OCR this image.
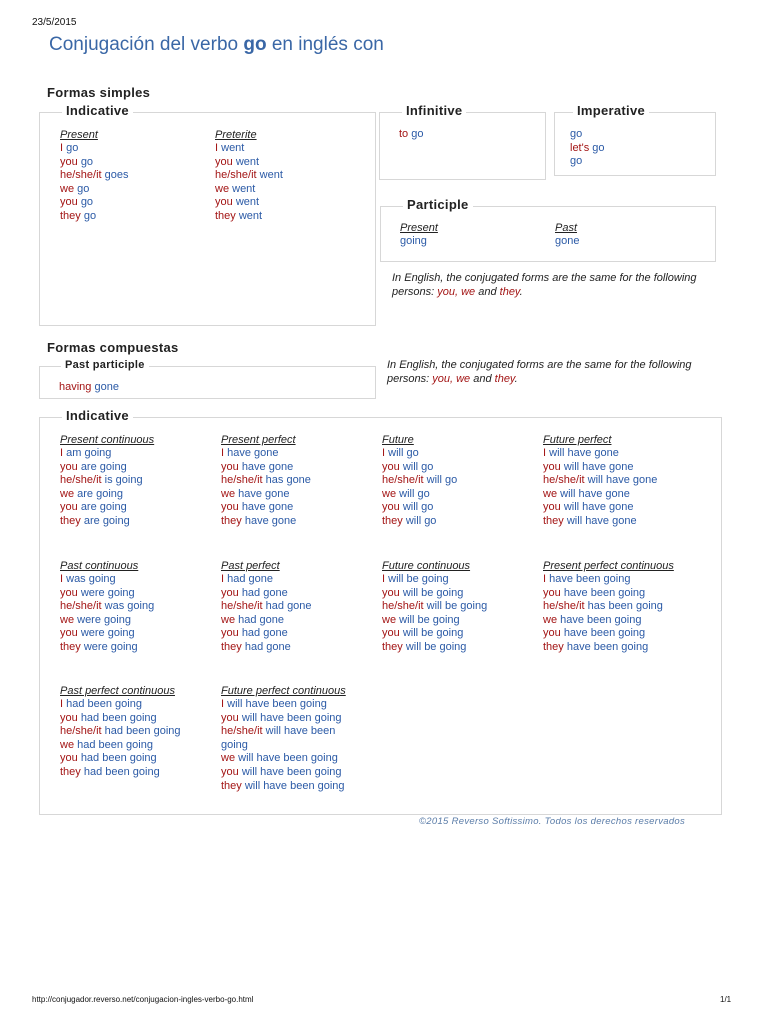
23/5/2015
Conjugación del verbo go en inglés con
Formas simples
Indicative
Present
I go
you go
he/she/it goes
we go
you go
they go
Preterite
I went
you went
he/she/it went
we went
you went
they went
Infinitive
to go
Imperative
go
let's go
go
Participle
Present
going
Past
gone
In English, the conjugated forms are the same for the following persons: you, we and they.
Formas compuestas
Past participle
having gone
In English, the conjugated forms are the same for the following persons: you, we and they.
Indicative
Present continuous
I am going
you are going
he/she/it is going
we are going
you are going
they are going
Present perfect
I have gone
you have gone
he/she/it has gone
we have gone
you have gone
they have gone
Future
I will go
you will go
he/she/it will go
we will go
you will go
they will go
Future perfect
I will have gone
you will have gone
he/she/it will have gone
we will have gone
you will have gone
they will have gone
Past continuous
I was going
you were going
he/she/it was going
we were going
you were going
they were going
Past perfect
I had gone
you had gone
he/she/it had gone
we had gone
you had gone
they had gone
Future continuous
I will be going
you will be going
he/she/it will be going
we will be going
you will be going
they will be going
Present perfect continuous
I have been going
you have been going
he/she/it has been going
we have been going
you have been going
they have been going
Past perfect continuous
I had been going
you had been going
he/she/it had been going
we had been going
you had been going
they had been going
Future perfect continuous
I will have been going
you will have been going
he/she/it will have been
going
we will have been going
you will have been going
they will have been going
©2015 Reverso Softissimo. Todos los derechos reservados
http://conjugador.reverso.net/conjugacion-ingles-verbo-go.html	1/1
